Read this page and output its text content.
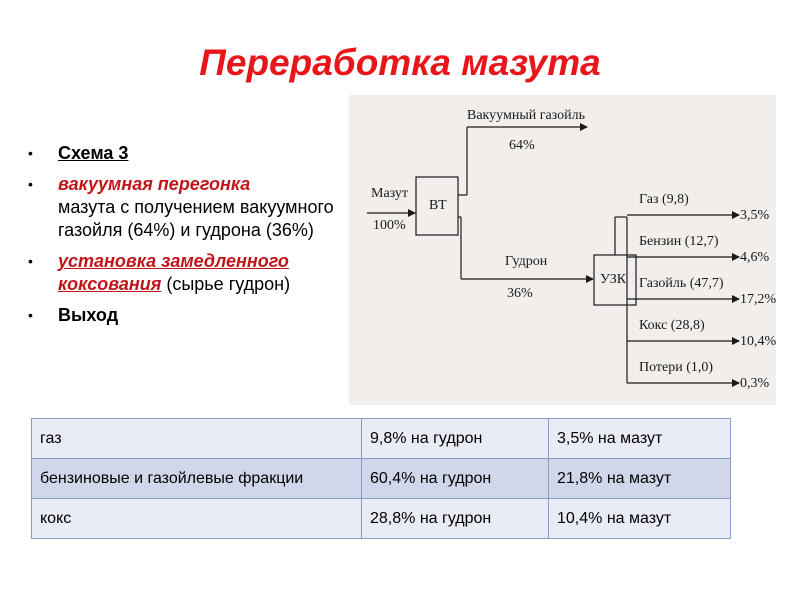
Переработка мазута
• Схема 3
• вакуумная перегонка
мазута с получением вакуумного газойля (64%) и гудрона (36%)
• установка замедленного коксования (сырье гудрон)
• Выход
Мазут
100%
ВТ
Вакуумный газойль
64%
Гудрон
36%
УЗК
Газ (9,8)
3,5%
Бензин (12,7)
4,6%
Газойль (47,7)
17,2%
Кокс (28,8)
10,4%
Потери (1,0)
0,3%
газ	9,8% на гудрон	3,5% на мазут
бензиновые и газойлевые фракции	60,4% на гудрон	21,8% на мазут
кокс	28,8% на гудрон	10,4% на мазут
